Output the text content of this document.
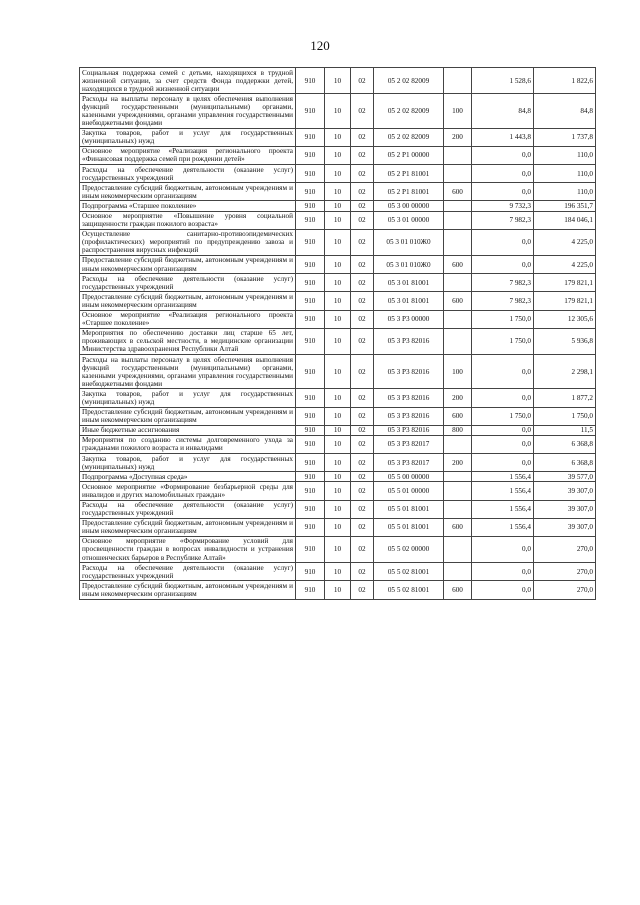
120
Социальная поддержка семей с детьми, находящихся в трудной жизненной ситуации, за счет средств Фонда поддержки детей, находящихся в трудной жизненной ситуации	910	10	02	05 2 02 82009		1 528,6	1 822,6
Расходы на выплаты персоналу в целях обеспечения выполнения функций государственными (муниципальными) органами, казенными учреждениями, органами управления государственными внебюджетными фондами	910	10	02	05 2 02 82009	100	84,8	84,8
Закупка товаров, работ и услуг для государственных (муниципальных) нужд	910	10	02	05 2 02 82009	200	1 443,8	1 737,8
Основное мероприятие «Реализация регионального проекта «Финансовая поддержка семей при рождении детей»	910	10	02	05 2 P1 00000		0,0	110,0
Расходы на обеспечение деятельности (оказание услуг) государственных учреждений	910	10	02	05 2 P1 81001		0,0	110,0
Предоставление субсидий бюджетным, автономным учреждениям и иным некоммерческим организациям	910	10	02	05 2 P1 81001	600	0,0	110,0
Подпрограмма «Старшее поколение»	910	10	02	05 3 00 00000		9 732,3	196 351,7
Основное мероприятие «Повышение уровня социальной защищенности граждан пожилого возраста»	910	10	02	05 3 01 00000		7 982,3	184 046,1
Осуществление санитарно-противоэпидемических (профилактических) мероприятий по предупреждению завоза и распространения вирусных инфекций	910	10	02	05 3 01 010Ж0		0,0	4 225,0
Предоставление субсидий бюджетным, автономным учреждениям и иным некоммерческим организациям	910	10	02	05 3 01 010Ж0	600	0,0	4 225,0
Расходы на обеспечение деятельности (оказание услуг) государственных учреждений	910	10	02	05 3 01 81001		7 982,3	179 821,1
Предоставление субсидий бюджетным, автономным учреждениям и иным некоммерческим организациям	910	10	02	05 3 01 81001	600	7 982,3	179 821,1
Основное мероприятие «Реализация регионального проекта «Старшее поколение»	910	10	02	05 3 P3 00000		1 750,0	12 305,6
Мероприятия по обеспечению доставки лиц старше 65 лет, проживающих в сельской местности, в медицинские организации Министерства здравоохранения Республики Алтай	910	10	02	05 3 P3 82016		1 750,0	5 936,8
Расходы на выплаты персоналу в целях обеспечения выполнения функций государственными (муниципальными) органами, казенными учреждениями, органами управления государственными внебюджетными фондами	910	10	02	05 3 P3 82016	100	0,0	2 298,1
Закупка товаров, работ и услуг для государственных (муниципальных) нужд	910	10	02	05 3 P3 82016	200	0,0	1 877,2
Предоставление субсидий бюджетным, автономным учреждениям и иным некоммерческим организациям	910	10	02	05 3 P3 82016	600	1 750,0	1 750,0
Иные бюджетные ассигнования	910	10	02	05 3 P3 82016	800	0,0	11,5
Мероприятия по созданию системы долговременного ухода за гражданами пожилого возраста и инвалидами	910	10	02	05 3 P3 82017		0,0	6 368,8
Закупка товаров, работ и услуг для государственных (муниципальных) нужд	910	10	02	05 3 P3 82017	200	0,0	6 368,8
Подпрограмма «Доступная среда»	910	10	02	05 5 00 00000		1 556,4	39 577,0
Основное мероприятие «Формирование безбарьерной среды для инвалидов и других маломобильных граждан»	910	10	02	05 5 01 00000		1 556,4	39 307,0
Расходы на обеспечение деятельности (оказание услуг) государственных учреждений	910	10	02	05 5 01 81001		1 556,4	39 307,0
Предоставление субсидий бюджетным, автономным учреждениям и иным некоммерческим организациям	910	10	02	05 5 01 81001	600	1 556,4	39 307,0
Основное мероприятие «Формирование условий для просвещенности граждан в вопросах инвалидности и устранения отношенческих барьеров в Республике Алтай»	910	10	02	05 5 02 00000		0,0	270,0
Расходы на обеспечение деятельности (оказание услуг) государственных учреждений	910	10	02	05 5 02 81001		0,0	270,0
Предоставление субсидий бюджетным, автономным учреждениям и иным некоммерческим организациям	910	10	02	05 5 02 81001	600	0,0	270,0
